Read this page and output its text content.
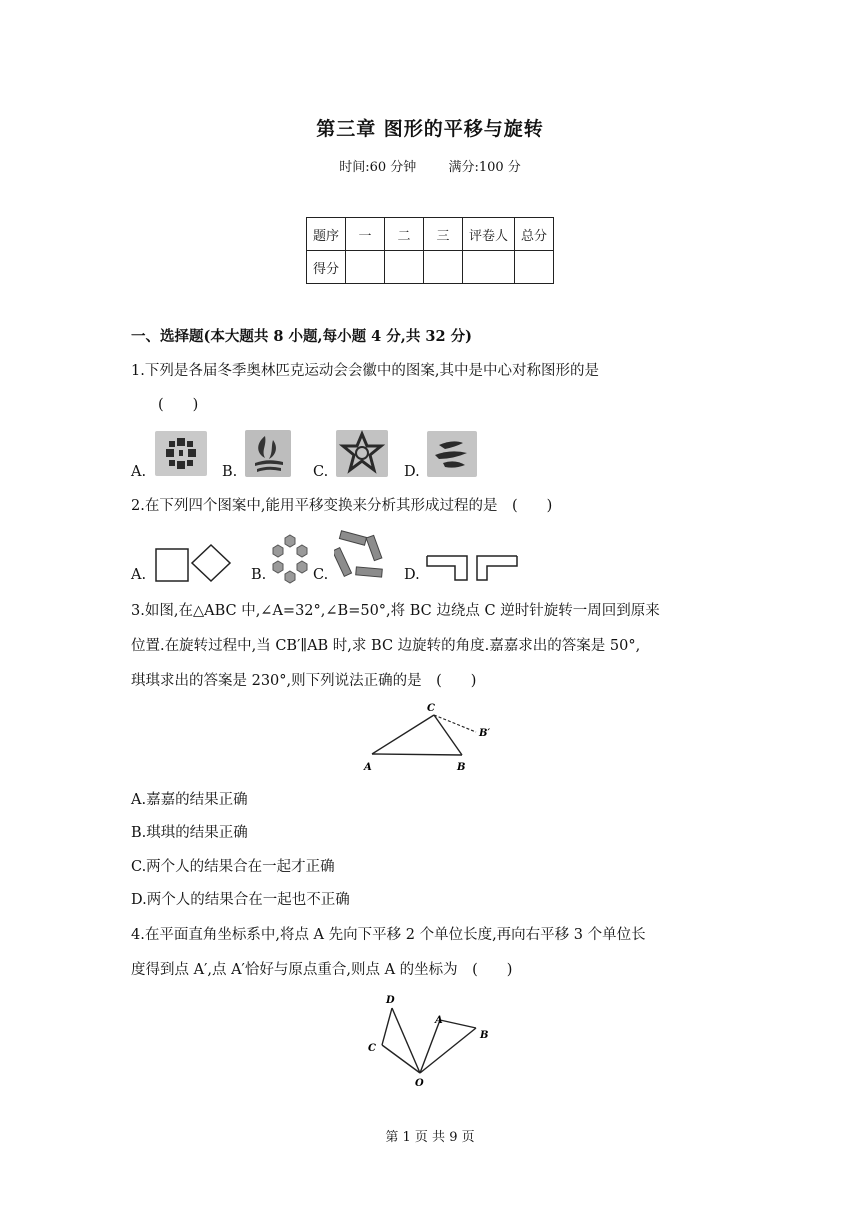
第三章 图形的平移与旋转
时间:60 分钟 满分:100 分
题序	一	二	三	评卷人	总分
得分					
一、选择题(本大题共 8 小题,每小题 4 分,共 32 分)
1.下列是各届冬季奥林匹克运动会会徽中的图案,其中是中心对称图形的是
(　　)
A.	B.	C.	D.
2.在下列四个图案中,能用平移变换来分析其形成过程的是　(　　)
A.	B.	C.	D.
3.如图,在△ABC 中,∠A=32°,∠B=50°,将 BC 边绕点 C 逆时针旋转一周回到原来
位置.在旋转过程中,当 CB′∥AB 时,求 BC 边旋转的角度.嘉嘉求出的答案是 50°,
琪琪求出的答案是 230°,则下列说法正确的是　(　　)
A	B
C
B′
A.嘉嘉的结果正确
B.琪琪的结果正确
C.两个人的结果合在一起才正确
D.两个人的结果合在一起也不正确
4.在平面直角坐标系中,将点 A 先向下平移 2 个单位长度,再向右平移 3 个单位长
度得到点 A′,点 A′恰好与原点重合,则点 A 的坐标为　(　　)
D
C
A
B
O
第 1 页 共 9 页
